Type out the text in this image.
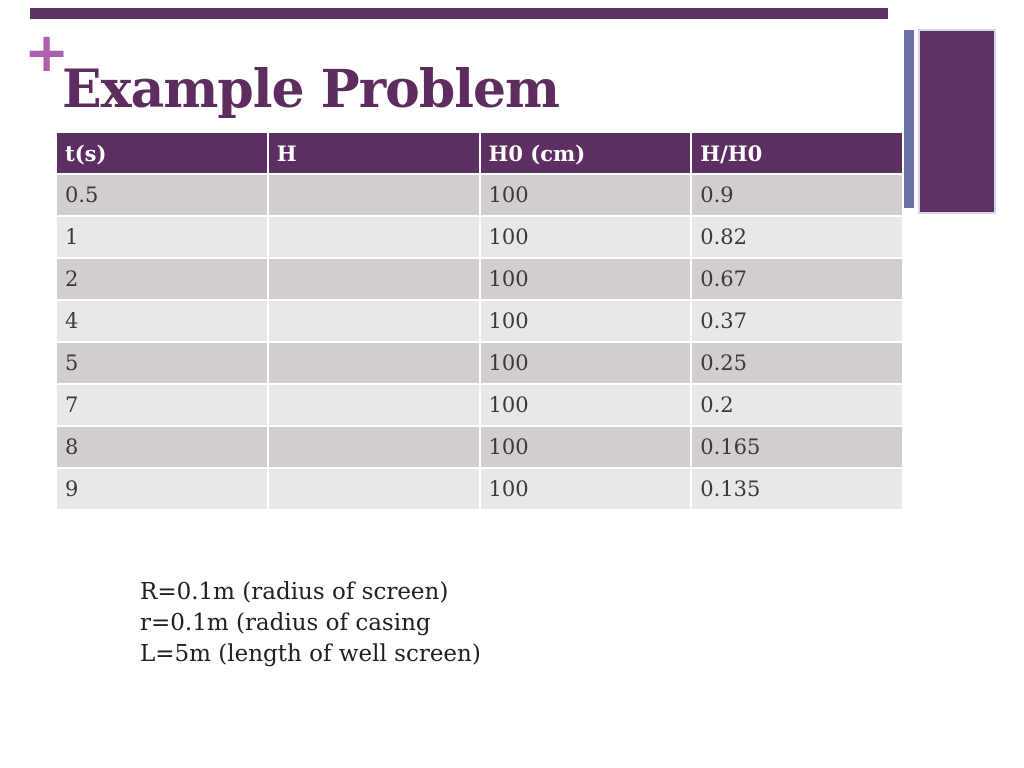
+
Example Problem
t(s)	H	H0 (cm)	H/H0
0.5		100	0.9
1		100	0.82
2		100	0.67
4		100	0.37
5		100	0.25
7		100	0.2
8		100	0.165
9		100	0.135
R=0.1m (radius of screen)
r=0.1m (radius of casing
L=5m (length of well screen)
